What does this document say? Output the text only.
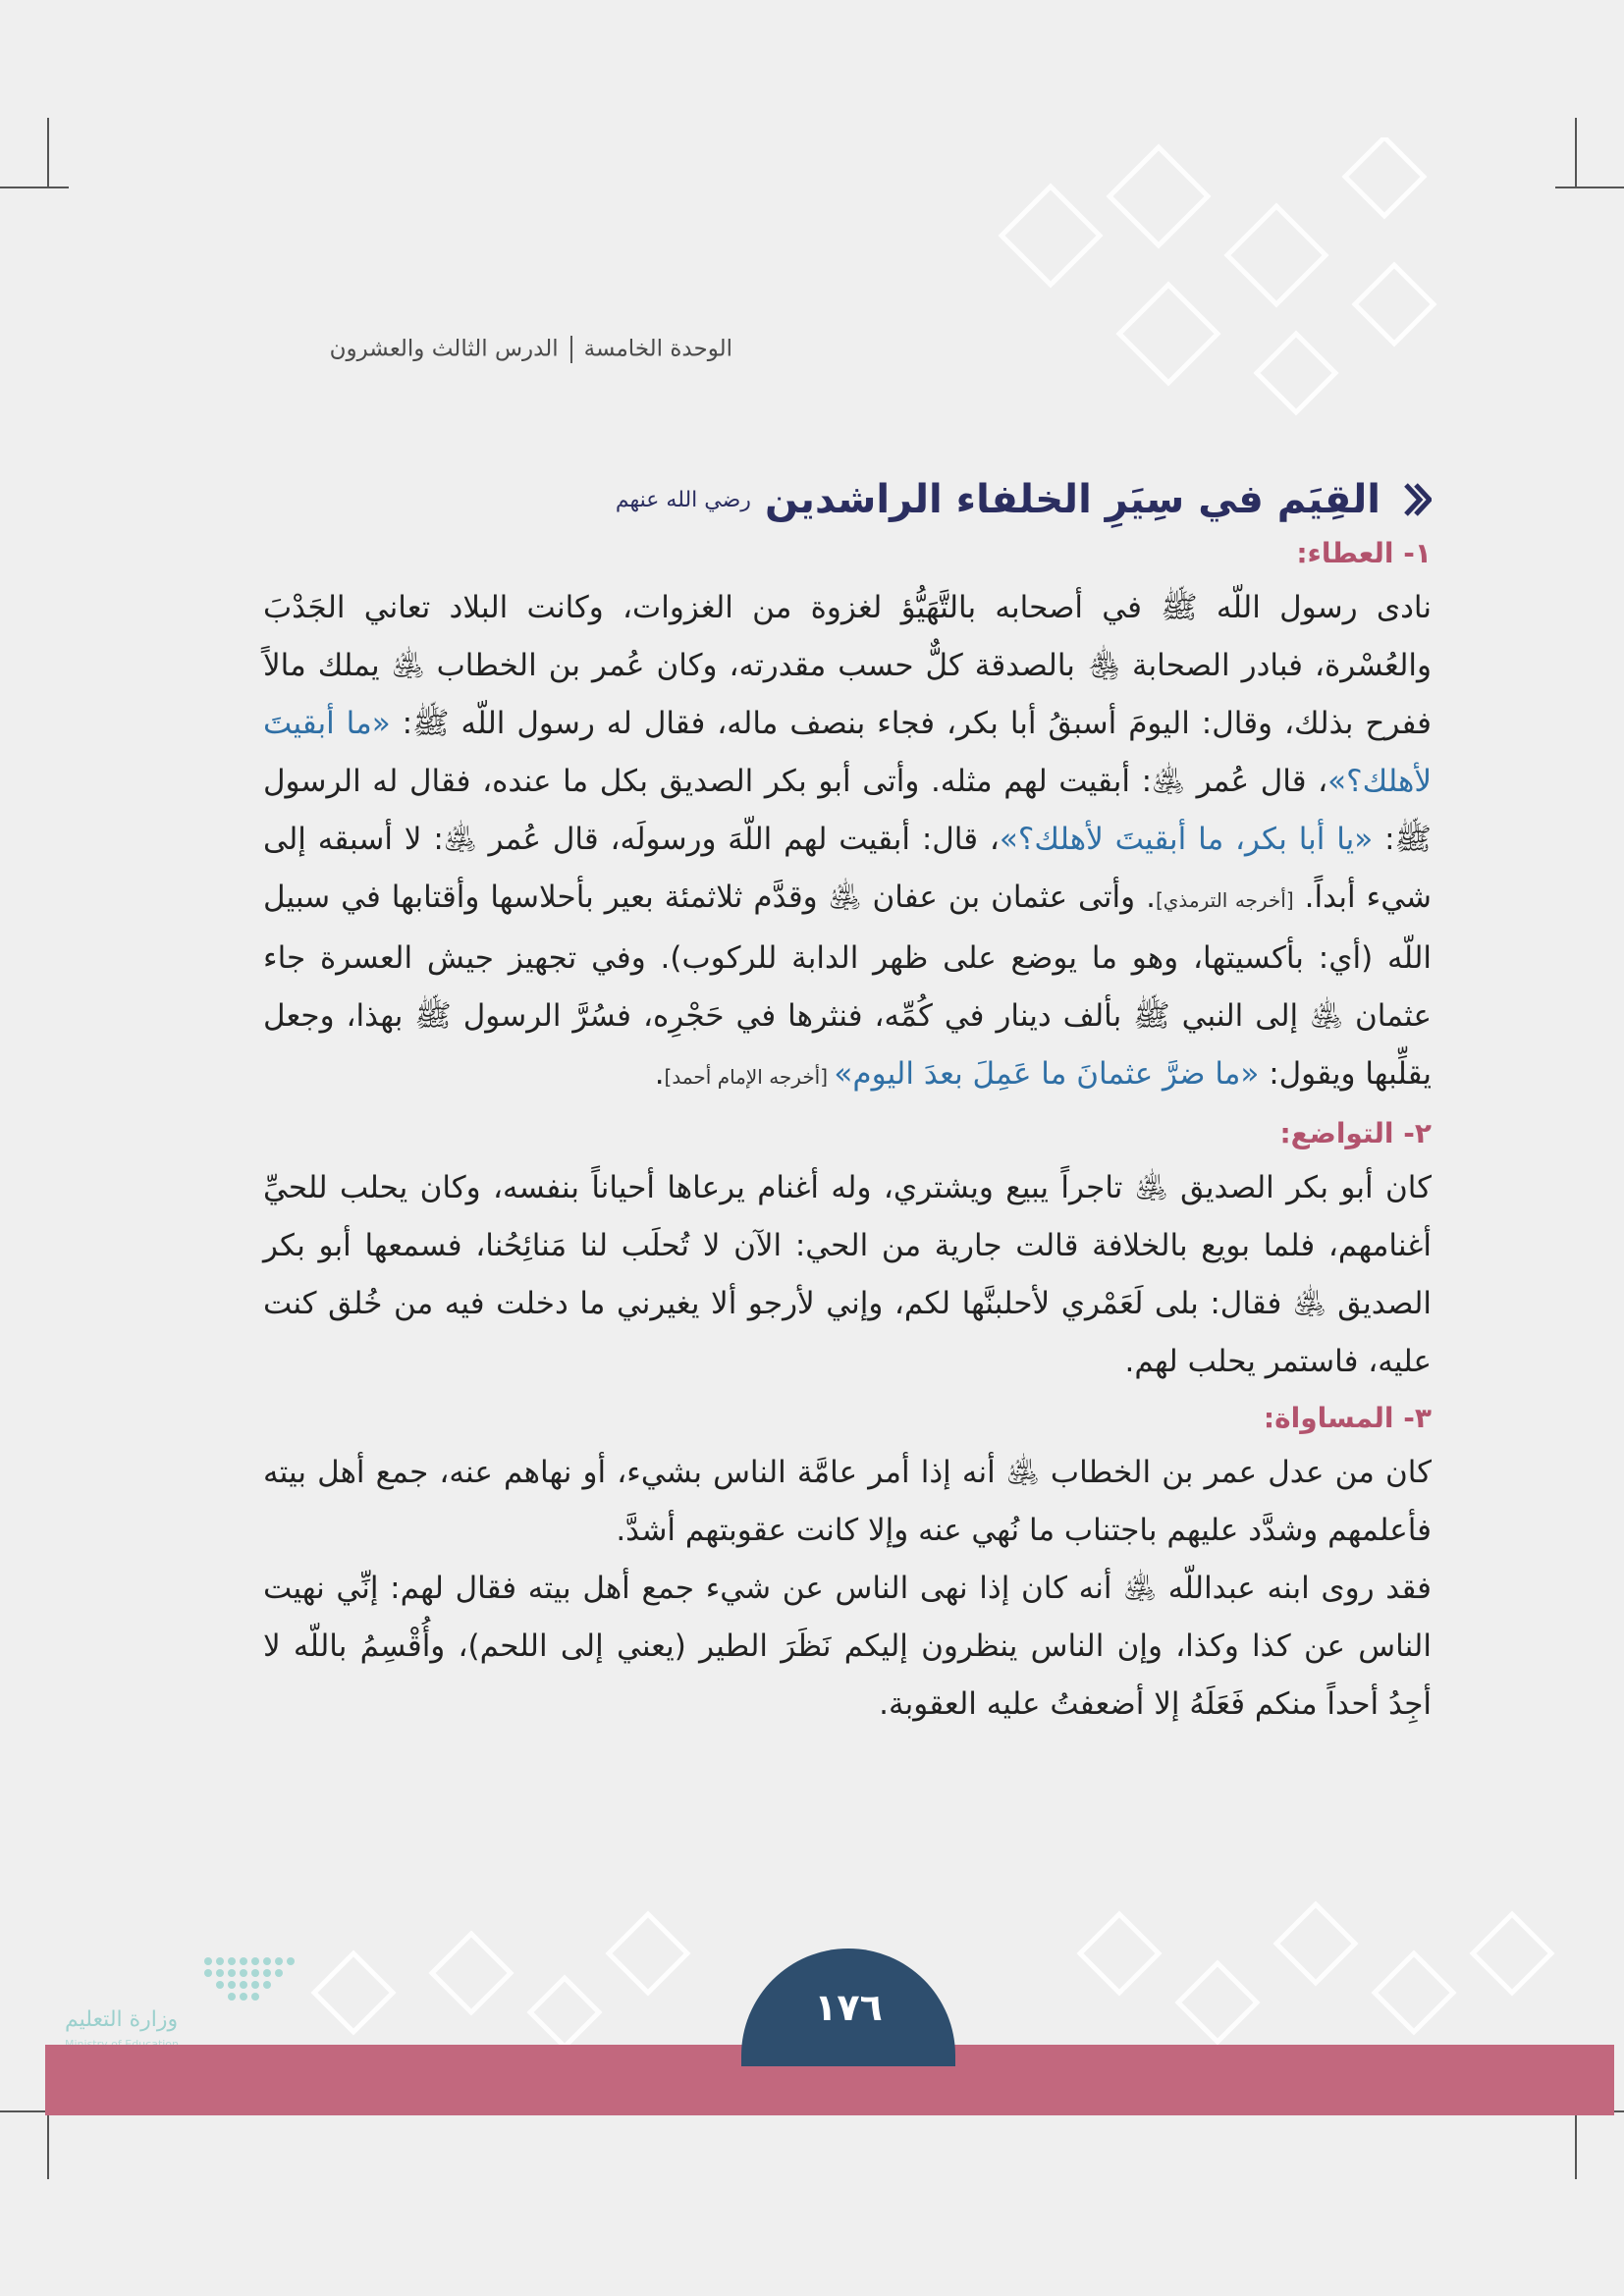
الوحدة الخامسةالدرس الثالث والعشرون
القِيَم في سِيَرِ الخلفاء الراشدين
رضي الله عنهم
١- العطاء:

نادى رسول اللّه ﷺ في أصحابه بالتَّهَيُّؤ لغزوة من الغزوات، وكانت البلاد تعاني الجَدْبَ والعُسْرة، فبادر الصحابة ﵃ بالصدقة كلٌّ حسب مقدرته، وكان عُمر بن الخطاب ﵁ يملك مالاً ففرح بذلك، وقال: اليومَ أسبقُ أبا بكر، فجاء بنصف ماله، فقال له رسول اللّه ﷺ: «ما أبقيتَ لأهلك؟»، قال عُمر ﵁: أبقيت لهم مثله. وأتى أبو بكر الصديق بكل ما عنده، فقال له الرسول ﷺ: «يا أبا بكر، ما أبقيتَ لأهلك؟»، قال: أبقيت لهم اللّهَ ورسولَه، قال عُمر ﵁: لا أسبقه إلى شيء أبداً. [أخرجه الترمذي]. وأتى عثمان بن عفان ﵁ وقدَّم ثلاثمئة بعير بأحلاسها وأقتابها في سبيل اللّه (أي: بأكسيتها، وهو ما يوضع على ظهر الدابة للركوب). وفي تجهيز جيش العسرة جاء عثمان ﵁ إلى النبي ﷺ بألف دينار في كُمِّه، فنثرها في حَجْرِه، فسُرَّ الرسول ﷺ بهذا، وجعل يقلِّبها ويقول: «ما ضرَّ عثمانَ ما عَمِلَ بعدَ اليوم» [أخرجه الإمام أحمد].

٢- التواضع:

كان أبو بكر الصديق ﵁ تاجراً يبيع ويشتري، وله أغنام يرعاها أحياناً بنفسه، وكان يحلب للحيِّ أغنامهم، فلما بويع بالخلافة قالت جارية من الحي: الآن لا تُحلَب لنا مَنائِحُنا، فسمعها أبو بكر الصديق ﵁ فقال: بلى لَعَمْري لأحلبنَّها لكم، وإني لأرجو ألا يغيرني ما دخلت فيه من خُلق كنت عليه، فاستمر يحلب لهم.

٣- المساواة:

كان من عدل عمر بن الخطاب ﵁ أنه إذا أمر عامَّة الناس بشيء، أو نهاهم عنه، جمع أهل بيته فأعلمهم وشدَّد عليهم باجتناب ما نُهي عنه وإلا كانت عقوبتهم أشدَّ.

فقد روى ابنه عبداللّه ﵁ أنه كان إذا نهى الناس عن شيء جمع أهل بيته فقال لهم: إنِّي نهيت الناس عن كذا وكذا، وإن الناس ينظرون إليكم نَظَرَ الطير (يعني إلى اللحم)، وأُقْسِمُ باللّه لا أجِدُ أحداً منكم فَعَلَهُ إلا أضعفتُ عليه العقوبة.

وزارة التعليم	١٧٦
